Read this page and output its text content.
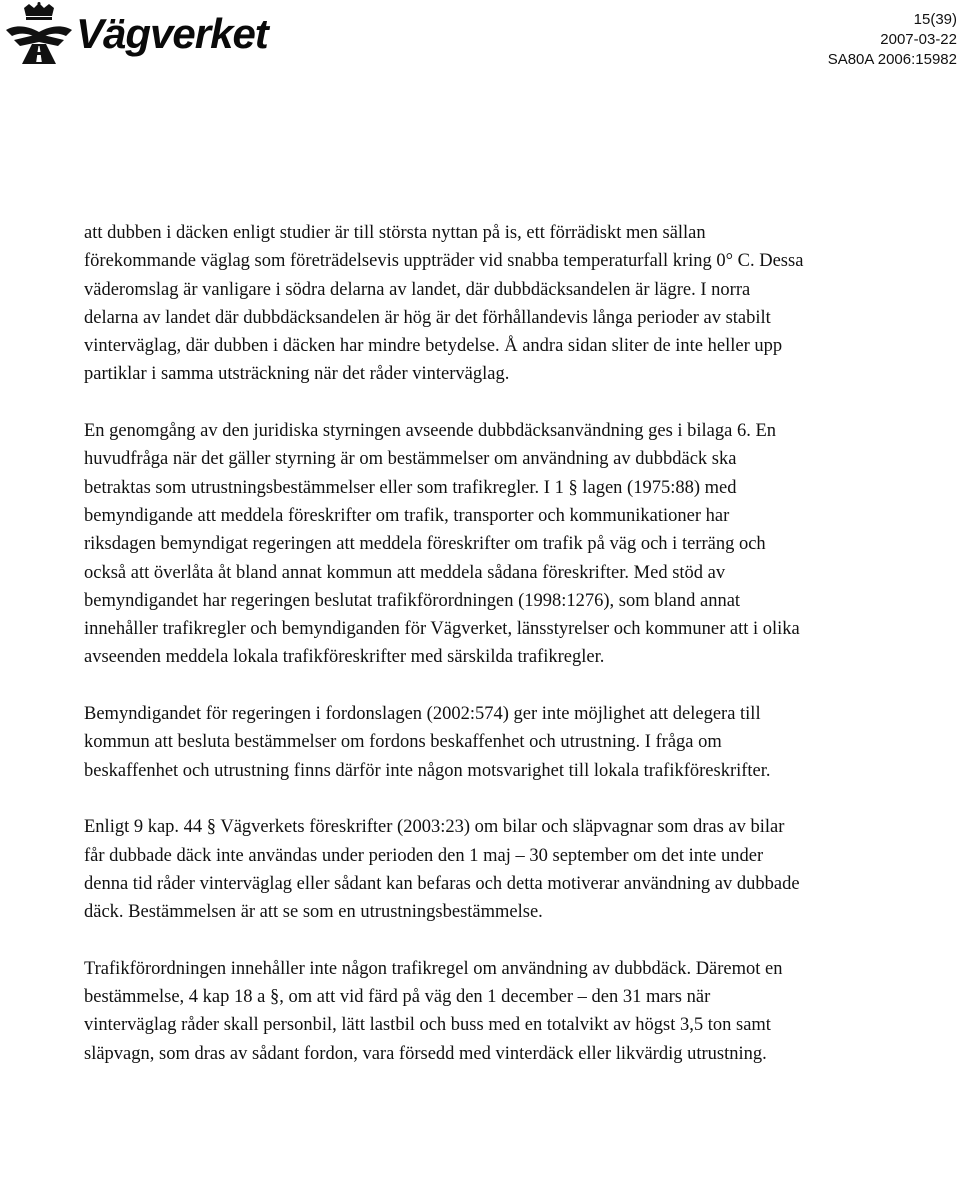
Vägverket	15(39)
2007-03-22
SA80A 2006:15982

att dubben i däcken enligt studier är till största nyttan på is, ett förrädiskt men sällan förekommande väglag som företrädelsevis uppträder vid snabba temperaturfall kring 0° C. Dessa väderomslag är vanligare i södra delarna av landet, där dubbdäcksandelen är lägre. I norra delarna av landet där dubbdäcksandelen är hög är det förhållandevis långa perioder av stabilt vinterväglag, där dubben i däcken har mindre betydelse. Å andra sidan sliter de inte heller upp partiklar i samma utsträckning när det råder vinterväglag.

En genomgång av den juridiska styrningen avseende dubbdäcksanvändning ges i bilaga 6. En huvudfråga när det gäller styrning är om bestämmelser om användning av dubbdäck ska betraktas som utrustningsbestämmelser eller som trafikregler. I 1 § lagen (1975:88) med bemyndigande att meddela föreskrifter om trafik, transporter och kommunikationer har riksdagen bemyndigat regeringen att meddela föreskrifter om trafik på väg och i terräng och också att överlåta åt bland annat kommun att meddela sådana föreskrifter. Med stöd av bemyndigandet har regeringen beslutat trafikförordningen (1998:1276), som bland annat innehåller trafikregler och bemyndiganden för Vägverket, länsstyrelser och kommuner att i olika avseenden meddela lokala trafikföreskrifter med särskilda trafikregler.

Bemyndigandet för regeringen i fordonslagen (2002:574) ger inte möjlighet att delegera till kommun att besluta bestämmelser om fordons beskaffenhet och utrustning. I fråga om beskaffenhet och utrustning finns därför inte någon motsvarighet till lokala trafikföreskrifter.

Enligt 9 kap. 44 § Vägverkets föreskrifter (2003:23) om bilar och släpvagnar som dras av bilar får dubbade däck inte användas under perioden den 1 maj – 30 september om det inte under denna tid råder vinterväglag eller sådant kan befaras och detta motiverar användning av dubbade däck. Bestämmelsen är att se som en utrustningsbestämmelse.

Trafikförordningen innehåller inte någon trafikregel om användning av dubbdäck. Däremot en bestämmelse, 4 kap 18 a §, om att vid färd på väg den 1 december – den 31 mars när vinterväglag råder skall personbil, lätt lastbil och buss med en totalvikt av högst 3,5 ton samt släpvagn, som dras av sådant fordon, vara försedd med vinterdäck eller likvärdig utrustning.
